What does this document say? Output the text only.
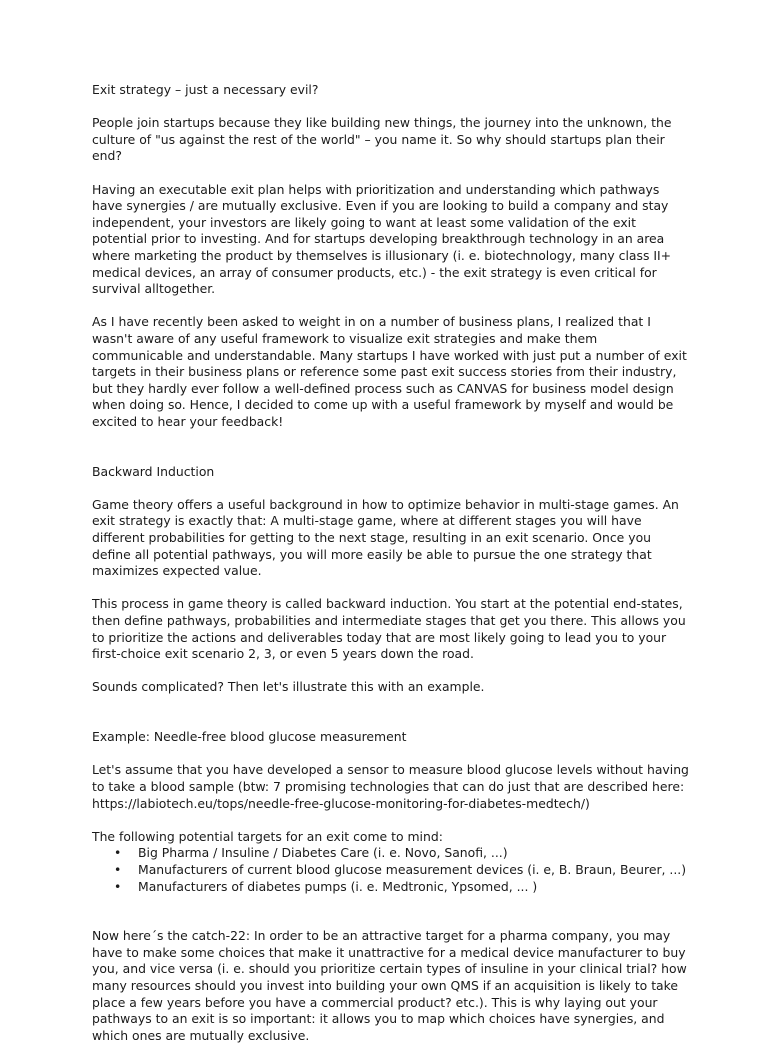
Exit strategy – just a necessary evil?

People join startups because they like building new things, the journey into the unknown, the culture of "us against the rest of the world" – you name it. So why should startups plan their end?

Having an executable exit plan helps with prioritization and understanding which pathways have synergies / are mutually exclusive. Even if you are looking to build a company and stay independent, your investors are likely going to want at least some validation of the exit potential prior to investing. And for startups developing breakthrough technology in an area where marketing the product by themselves is illusionary (i. e. biotechnology, many class II+ medical devices, an array of consumer products, etc.) - the exit strategy is even critical for survival alltogether.

As I have recently been asked to weight in on a number of business plans, I realized that I wasn't aware of any useful framework to visualize exit strategies and make them communicable and understandable. Many startups I have worked with just put a number of exit targets in their business plans or reference some past exit success stories from their industry, but they hardly ever follow a well-defined process such as CANVAS for business model design when doing so. Hence, I decided to come up with a useful framework by myself and would be excited to hear your feedback!

Backward Induction

Game theory offers a useful background in how to optimize behavior in multi-stage games. An exit strategy is exactly that: A multi-stage game, where at different stages you will have different probabilities for getting to the next stage, resulting in an exit scenario. Once you define all potential pathways, you will more easily be able to pursue the one strategy that maximizes expected value.

This process in game theory is called backward induction. You start at the potential end-states, then define pathways, probabilities and intermediate stages that get you there. This allows you to prioritize the actions and deliverables today that are most likely going to lead you to your first-choice exit scenario 2, 3, or even 5 years down the road.

Sounds complicated? Then let's illustrate this with an example.

Example: Needle-free blood glucose measurement

Let's assume that you have developed a sensor to measure blood glucose levels without having to take a blood sample (btw: 7 promising technologies that can do just that are described here: https://labiotech.eu/tops/needle-free-glucose-monitoring-for-diabetes-medtech/)

The following potential targets for an exit come to mind:

• Big Pharma / Insuline / Diabetes Care (i. e. Novo, Sanofi, ...)
• Manufacturers of current blood glucose measurement devices (i. e, B. Braun, Beurer, ...)
• Manufacturers of diabetes pumps (i. e. Medtronic, Ypsomed, ... )

Now here´s the catch-22: In order to be an attractive target for a pharma company, you may have to make some choices that make it unattractive for a medical device manufacturer to buy you, and vice versa (i. e. should you prioritize certain types of insuline in your clinical trial? how many resources should you invest into building your own QMS if an acquisition is likely to take place a few years before you have a commercial product? etc.). This is why laying out your pathways to an exit is so important: it allows you to map which choices have synergies, and which ones are mutually exclusive.
